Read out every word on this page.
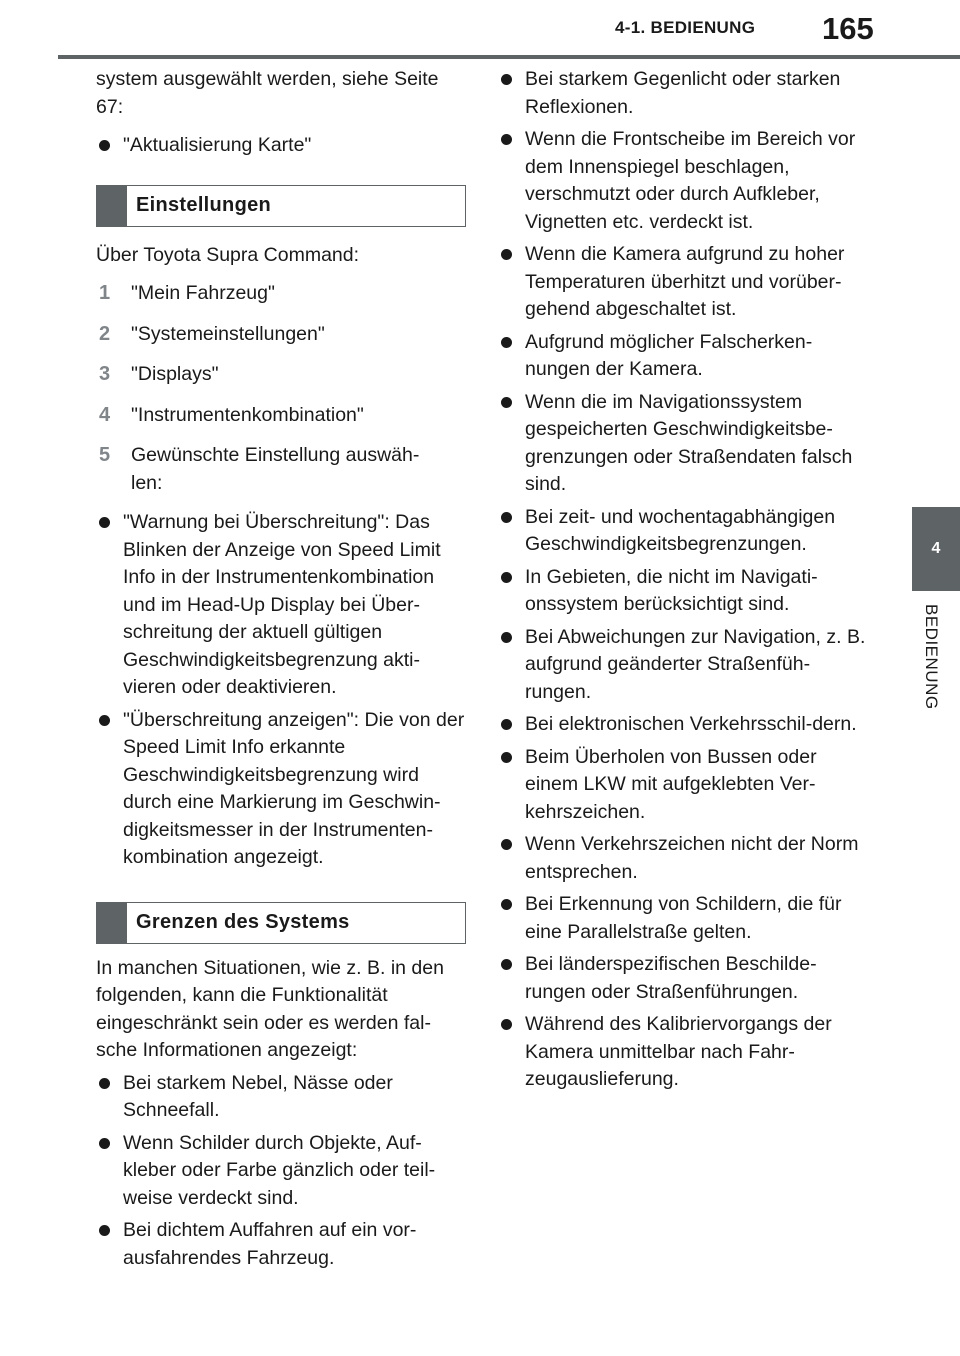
4-1. BEDIENUNG 165
4
BEDIENUNG

system ausgewählt werden, siehe Seite 67:

"Aktualisierung Karte"
Einstellungen

Über Toyota Supra Command:

1 "Mein Fahrzeug"
2 "Systemeinstellungen"
3 "Displays"
4 "Instrumentenkombination"
5 Gewünschte Einstellung auswäh-len:
"Warnung bei Überschreitung": Das Blinken der Anzeige von Speed Limit Info in der Instrumentenkombination und im Head-Up Display bei Über-schreitung der aktuell gültigen Geschwindigkeitsbegrenzung akti-vieren oder deaktivieren.
"Überschreitung anzeigen": Die von der Speed Limit Info erkannte Geschwindigkeitsbegrenzung wird durch eine Markierung im Geschwin-digkeitsmesser in der Instrumenten-kombination angezeigt.
Grenzen des Systems

In manchen Situationen, wie z. B. in den folgenden, kann die Funktionalität eingeschränkt sein oder es werden fal-sche Informationen angezeigt:

Bei starkem Nebel, Nässe oder Schneefall.
Wenn Schilder durch Objekte, Auf-kleber oder Farbe gänzlich oder teil-weise verdeckt sind.
Bei dichtem Auffahren auf ein vor-ausfahrendes Fahrzeug.
Bei starkem Gegenlicht oder starken Reflexionen.
Wenn die Frontscheibe im Bereich vor dem Innenspiegel beschlagen, verschmutzt oder durch Aufkleber, Vignetten etc. verdeckt ist.
Wenn die Kamera aufgrund zu hoher Temperaturen überhitzt und vorüber-gehend abgeschaltet ist.
Aufgrund möglicher Falscherken-nungen der Kamera.
Wenn die im Navigationssystem gespeicherten Geschwindigkeitsbe-grenzungen oder Straßendaten falsch sind.
Bei zeit- und wochentagabhängigen Geschwindigkeitsbegrenzungen.
In Gebieten, die nicht im Navigati-onssystem berücksichtigt sind.
Bei Abweichungen zur Navigation, z. B. aufgrund geänderter Straßenfüh-rungen.
Bei elektronischen Verkehrsschil-dern.
Beim Überholen von Bussen oder einem LKW mit aufgeklebten Ver-kehrszeichen.
Wenn Verkehrszeichen nicht der Norm entsprechen.
Bei Erkennung von Schildern, die für eine Parallelstraße gelten.
Bei länderspezifischen Beschilde-rungen oder Straßenführungen.
Während des Kalibriervorgangs der Kamera unmittelbar nach Fahr-zeugauslieferung.
